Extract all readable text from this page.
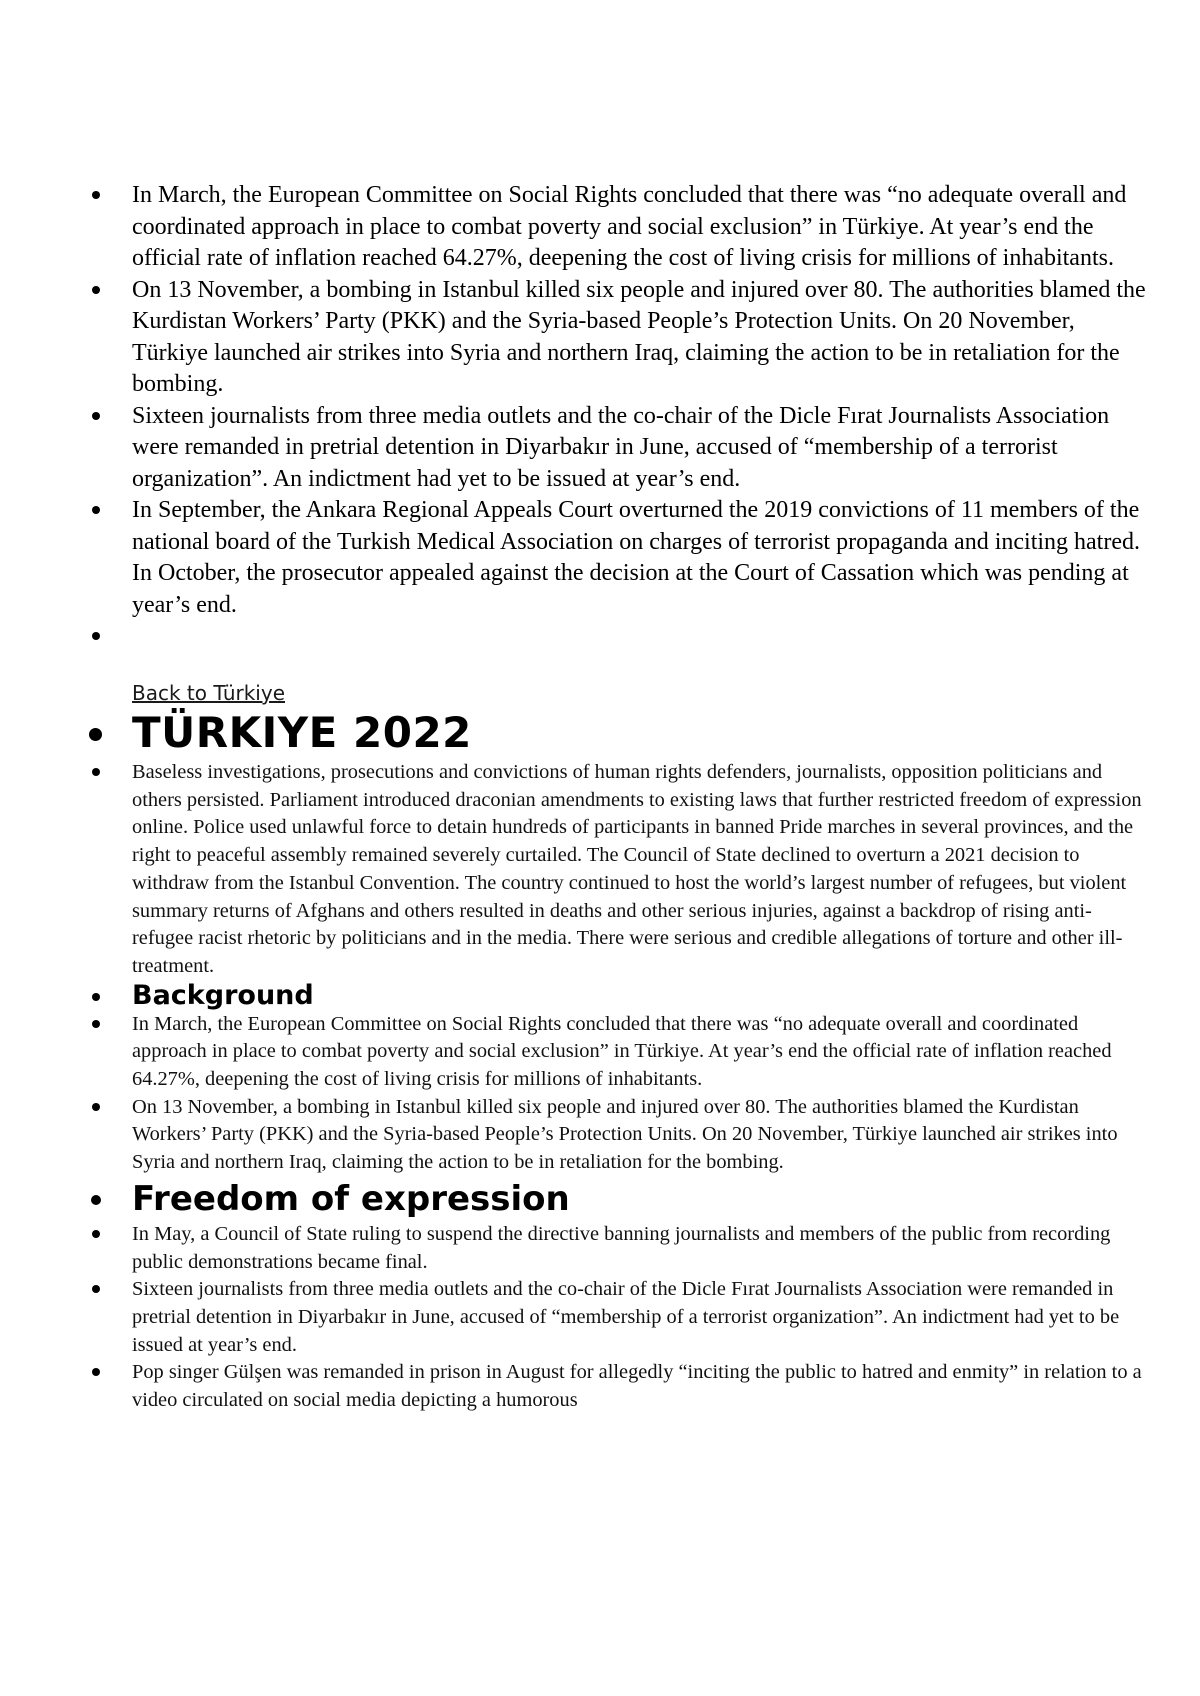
In March, the European Committee on Social Rights concluded that there was “no adequate overall and coordinated approach in place to combat poverty and social exclusion” in Türkiye. At year’s end the official rate of inflation reached 64.27%, deepening the cost of living crisis for millions of inhabitants.
On 13 November, a bombing in Istanbul killed six people and injured over 80. The authorities blamed the Kurdistan Workers’ Party (PKK) and the Syria-based People’s Protection Units. On 20 November, Türkiye launched air strikes into Syria and northern Iraq, claiming the action to be in retaliation for the bombing.
Sixteen journalists from three media outlets and the co-chair of the Dicle Fırat Journalists Association were remanded in pretrial detention in Diyarbakır in June, accused of “membership of a terrorist organization”. An indictment had yet to be issued at year’s end.
In September, the Ankara Regional Appeals Court overturned the 2019 convictions of 11 members of the national board of the Turkish Medical Association on charges of terrorist propaganda and inciting hatred. In October, the prosecutor appealed against the decision at the Court of Cassation which was pending at year’s end.
Back to Türkiye
TÜRKIYE 2022
Baseless investigations, prosecutions and convictions of human rights defenders, journalists, opposition politicians and others persisted. Parliament introduced draconian amendments to existing laws that further restricted freedom of expression online. Police used unlawful force to detain hundreds of participants in banned Pride marches in several provinces, and the right to peaceful assembly remained severely curtailed. The Council of State declined to overturn a 2021 decision to withdraw from the Istanbul Convention. The country continued to host the world’s largest number of refugees, but violent summary returns of Afghans and others resulted in deaths and other serious injuries, against a backdrop of rising anti-refugee racist rhetoric by politicians and in the media. There were serious and credible allegations of torture and other ill-treatment.
Background
In March, the European Committee on Social Rights concluded that there was “no adequate overall and coordinated approach in place to combat poverty and social exclusion” in Türkiye. At year’s end the official rate of inflation reached 64.27%, deepening the cost of living crisis for millions of inhabitants.
On 13 November, a bombing in Istanbul killed six people and injured over 80. The authorities blamed the Kurdistan Workers’ Party (PKK) and the Syria-based People’s Protection Units. On 20 November, Türkiye launched air strikes into Syria and northern Iraq, claiming the action to be in retaliation for the bombing.
Freedom of expression
In May, a Council of State ruling to suspend the directive banning journalists and members of the public from recording public demonstrations became final.
Sixteen journalists from three media outlets and the co-chair of the Dicle Fırat Journalists Association were remanded in pretrial detention in Diyarbakır in June, accused of “membership of a terrorist organization”. An indictment had yet to be issued at year’s end.
Pop singer Gülşen was remanded in prison in August for allegedly “inciting the public to hatred and enmity” in relation to a video circulated on social media depicting a humorous
